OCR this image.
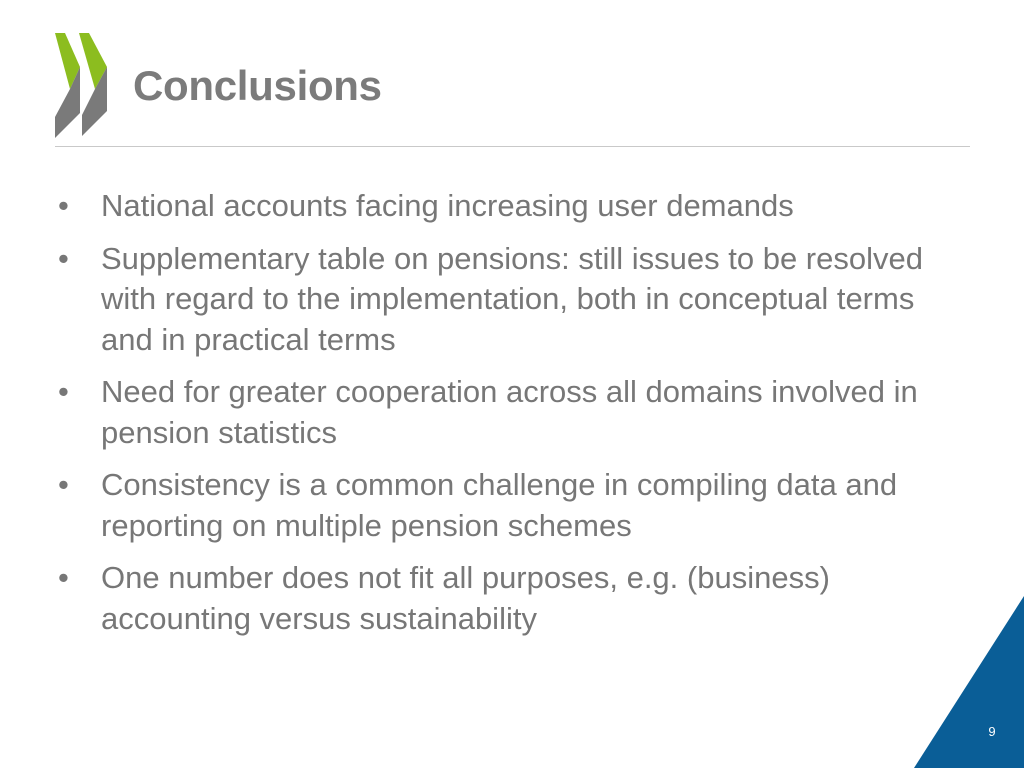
Conclusions
• National accounts facing increasing user demands
• Supplementary table on pensions: still issues to be resolved with regard to the implementation, both in conceptual terms and in practical terms
• Need for greater cooperation across all domains involved in pension statistics
• Consistency is a common challenge in compiling data and reporting on multiple pension schemes
• One number does not fit all purposes, e.g. (business) accounting versus sustainability
9
